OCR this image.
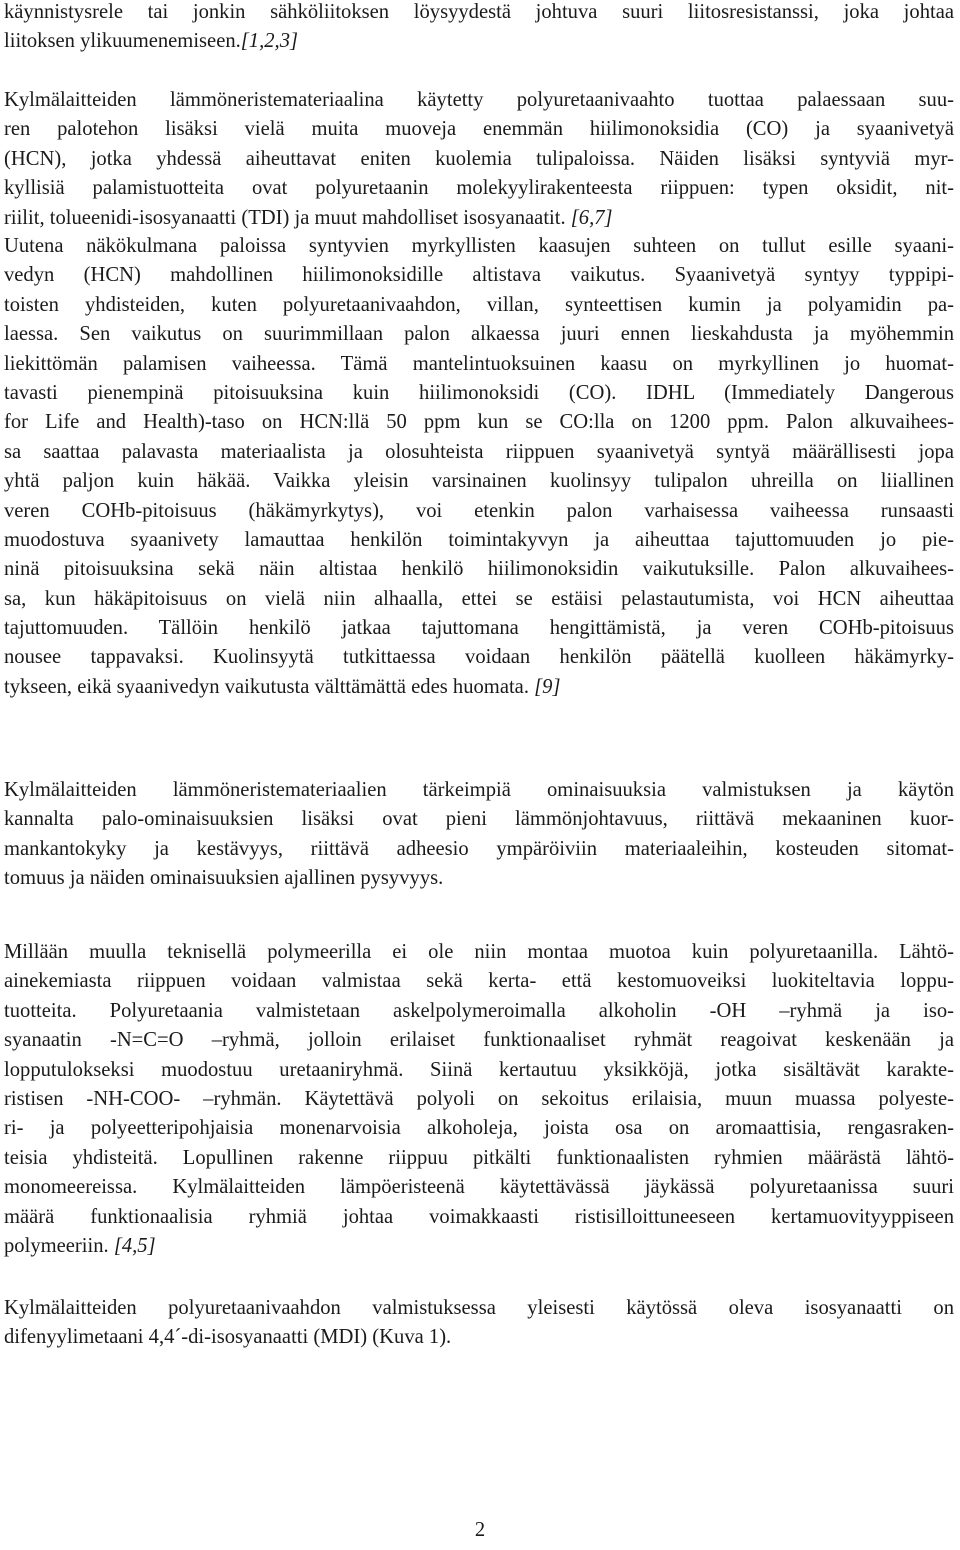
käynnistysrele tai jonkin sähköliitoksen löysyydestä johtuva suuri liitosresistanssi, joka johtaa
liitoksen ylikuumenemiseen.[1,2,3]
Kylmälaitteiden lämmöneristemateriaalina käytetty polyuretaanivaahto tuottaa palaessaan suu-
ren palotehon lisäksi vielä muita muoveja enemmän hiilimonoksidia (CO) ja syaanivetyä
(HCN), jotka yhdessä aiheuttavat eniten kuolemia tulipaloissa. Näiden lisäksi syntyviä myr-
kyllisiä palamistuotteita ovat polyuretaanin molekyylirakenteesta riippuen: typen oksidit, nit-
riilit, tolueenidi-isosyanaatti (TDI) ja muut mahdolliset isosyanaatit. [6,7]
Uutena näkökulmana paloissa syntyvien myrkyllisten kaasujen suhteen on tullut esille syaani-
vedyn (HCN) mahdollinen hiilimonoksidille altistava vaikutus. Syaanivetyä syntyy typpipi-
toisten yhdisteiden, kuten polyuretaanivaahdon, villan, synteettisen kumin ja polyamidin pa-
laessa. Sen vaikutus on suurimmillaan palon alkaessa juuri ennen lieskahdusta ja myöhemmin
liekittömän palamisen vaiheessa. Tämä mantelintuoksuinen kaasu on myrkyllinen jo huomat-
tavasti pienempinä pitoisuuksina kuin hiilimonoksidi (CO). IDHL (Immediately Dangerous
for Life and Health)-taso on HCN:llä 50 ppm kun se CO:lla on 1200 ppm. Palon alkuvaihees-
sa saattaa palavasta materiaalista ja olosuhteista riippuen syaanivetyä syntyä määrällisesti jopa
yhtä paljon kuin häkää. Vaikka yleisin varsinainen kuolinsyy tulipalon uhreilla on liiallinen
veren COHb-pitoisuus (häkämyrkytys), voi etenkin palon varhaisessa vaiheessa runsaasti
muodostuva syaanivety lamauttaa henkilön toimintakyvyn ja aiheuttaa tajuttomuuden jo pie-
ninä pitoisuuksina sekä näin altistaa henkilö hiilimonoksidin vaikutuksille. Palon alkuvaihees-
sa, kun häkäpitoisuus on vielä niin alhaalla, ettei se estäisi pelastautumista, voi HCN aiheuttaa
tajuttomuuden. Tällöin henkilö jatkaa tajuttomana hengittämistä, ja veren COHb-pitoisuus
nousee tappavaksi. Kuolinsyytä tutkittaessa voidaan henkilön päätellä kuolleen häkämyrky-
tykseen, eikä syaanivedyn vaikutusta välttämättä edes huomata. [9]
Kylmälaitteiden lämmöneristemateriaalien tärkeimpiä ominaisuuksia valmistuksen ja käytön
kannalta palo-ominaisuuksien lisäksi ovat pieni lämmönjohtavuus, riittävä mekaaninen kuor-
mankantokyky ja kestävyys, riittävä adheesio ympäröiviin materiaaleihin, kosteuden sitomat-
tomuus ja näiden ominaisuuksien ajallinen pysyvyys.
Millään muulla teknisellä polymeerilla ei ole niin montaa muotoa kuin polyuretaanilla. Lähtö-
ainekemiasta riippuen voidaan valmistaa sekä kerta- että kestomuoveiksi luokiteltavia loppu-
tuotteita. Polyuretaania valmistetaan askelpolymeroimalla alkoholin -OH –ryhmä ja iso-
syanaatin -N=C=O –ryhmä, jolloin erilaiset funktionaaliset ryhmät reagoivat keskenään ja
lopputulokseksi muodostuu uretaaniryhmä. Siinä kertautuu yksikköjä, jotka sisältävät karakte-
ristisen -NH-COO- –ryhmän. Käytettävä polyoli on sekoitus erilaisia, muun muassa polyeste-
ri- ja polyeetteripohjaisia monenarvoisia alkoholeja, joista osa on aromaattisia, rengasraken-
teisia yhdisteitä. Lopullinen rakenne riippuu pitkälti funktionaalisten ryhmien määrästä lähtö-
monomeereissa. Kylmälaitteiden lämpöeristeenä käytettävässä jäykässä polyuretaanissa suuri
määrä funktionaalisia ryhmiä johtaa voimakkaasti ristisilloittuneeseen kertamuovityyppiseen
polymeeriin. [4,5]
Kylmälaitteiden polyuretaanivaahdon valmistuksessa yleisesti käytössä oleva isosyanaatti on
difenyylimetaani 4,4´-di-isosyanaatti (MDI) (Kuva 1).
2
